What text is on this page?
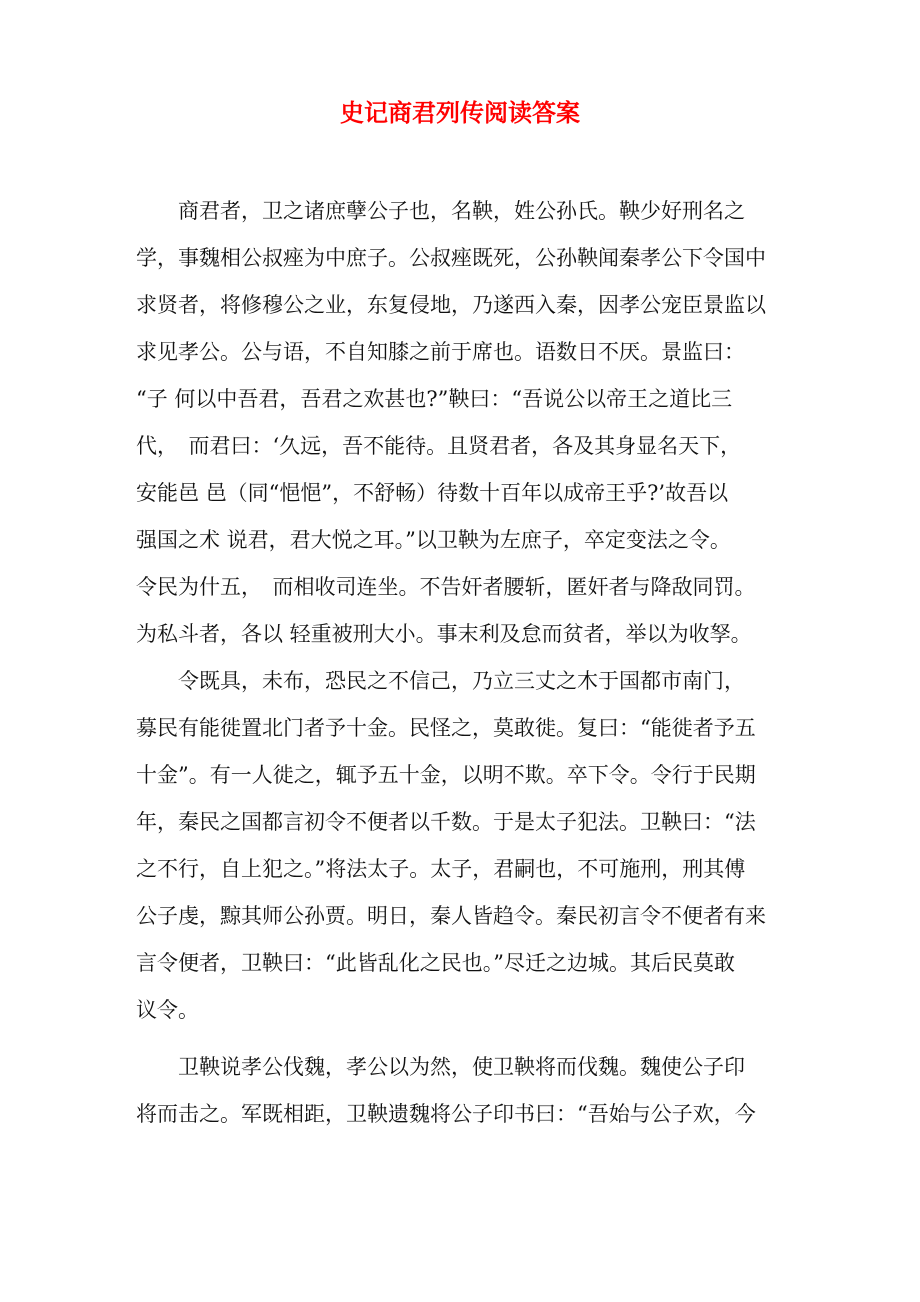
史记商君列传阅读答案
　　商君者，卫之诸庶孽公子也，名鞅，姓公孙氏。鞅少好刑名之
学，事魏相公叔痤为中庶子。公叔痤既死，公孙鞅闻秦孝公下令国中
求贤者，将修穆公之业，东复侵地，乃遂西入秦，因孝公宠臣景监以
求见孝公。公与语，不自知膝之前于席也。语数日不厌。景监曰：
“子 何以中吾君，吾君之欢甚也?”鞅曰：“吾说公以帝王之道比三
代，　而君曰：‘久远，吾不能待。且贤君者，各及其身显名天下，
安能邑 邑（同“悒悒”，不舒畅）待数十百年以成帝王乎?’故吾以
强国之术 说君，君大悦之耳。”以卫鞅为左庶子，卒定变法之令。
令民为什五，　而相收司连坐。不告奸者腰斩，匿奸者与降敌同罚。
为私斗者，各以 轻重被刑大小。事末利及怠而贫者，举以为收孥。
　　令既具，未布，恐民之不信己，乃立三丈之木于国都市南门，
募民有能徙置北门者予十金。民怪之，莫敢徙。复曰：“能徙者予五
十金”。有一人徙之，辄予五十金，以明不欺。卒下令。令行于民期
年，秦民之国都言初令不便者以千数。于是太子犯法。卫鞅曰：“法
之不行，自上犯之。”将法太子。太子，君嗣也，不可施刑，刑其傅
公子虔，黥其师公孙贾。明日，秦人皆趋令。秦民初言令不便者有来
言令便者，卫鞅曰：“此皆乱化之民也。”尽迁之边城。其后民莫敢
议令。
　　卫鞅说孝公伐魏，孝公以为然，使卫鞅将而伐魏。魏使公子印
将而击之。军既相距，卫鞅遗魏将公子印书曰：“吾始与公子欢，今
